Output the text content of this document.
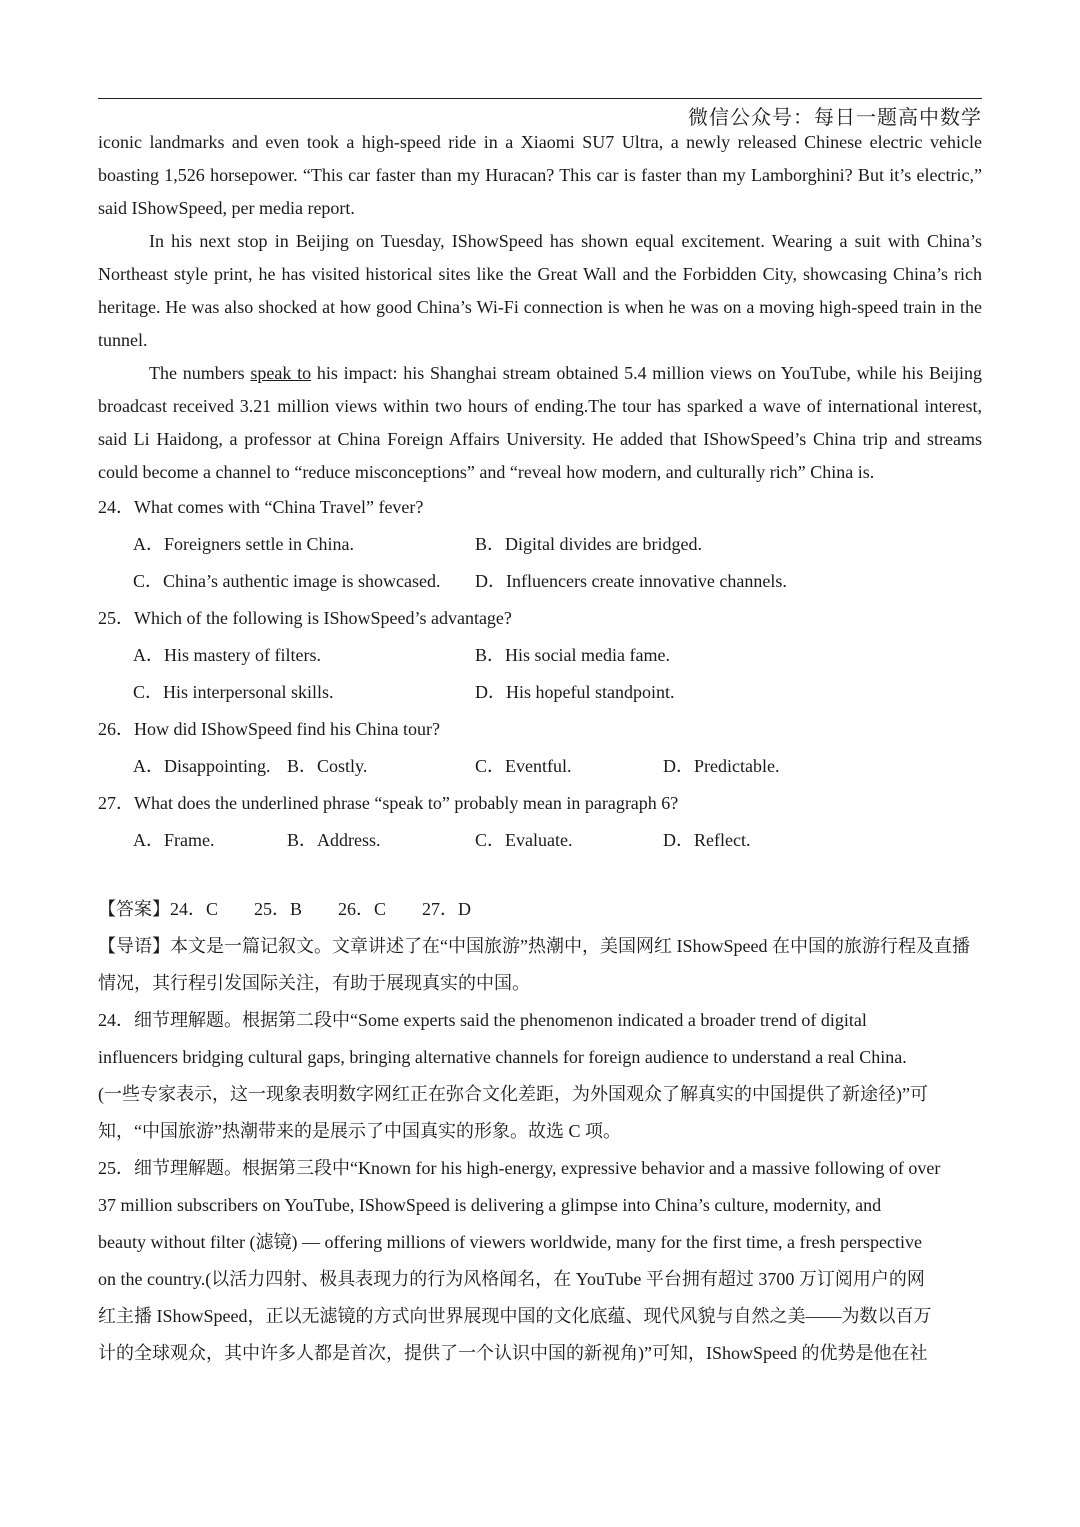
微信公众号：每日一题高中数学

iconic landmarks and even took a high-speed ride in a Xiaomi SU7 Ultra, a newly released Chinese electric vehicle boasting 1,526 horsepower. “This car faster than my Huracan? This car is faster than my Lamborghini? But it’s electric,” said IShowSpeed, per media report.

In his next stop in Beijing on Tuesday, IShowSpeed has shown equal excitement. Wearing a suit with China’s Northeast style print, he has visited historical sites like the Great Wall and the Forbidden City, showcasing China’s rich heritage. He was also shocked at how good China’s Wi-Fi connection is when he was on a moving high-speed train in the tunnel.

The numbers speak to his impact: his Shanghai stream obtained 5.4 million views on YouTube, while his Beijing broadcast received 3.21 million views within two hours of ending.The tour has sparked a wave of international interest, said Li Haidong, a professor at China Foreign Affairs University. He added that IShowSpeed’s China trip and streams could become a channel to “reduce misconceptions” and “reveal how modern, and culturally rich” China is.

24．What comes with “China Travel” fever?

A．Foreigners settle in China.	B．Digital divides are bridged.
C．China’s authentic image is showcased.	D．Influencers create innovative channels.

25．Which of the following is IShowSpeed’s advantage?

A．His mastery of filters.	B．His social media fame.
C．His interpersonal skills.	D．His hopeful standpoint.

26．How did IShowSpeed find his China tour?

A．Disappointing. B．Costly.	C．Eventful.	D．Predictable.

27．What does the underlined phrase “speak to” probably mean in paragraph 6?

A．Frame.	B．Address.	C．Evaluate.	D．Reflect.

【答案】24．C 25．B 26．C 27．D

【导语】本文是一篇记叙文。文章讲述了在“中国旅游”热潮中，美国网红 IShowSpeed 在中国的旅游行程及直播情况，其行程引发国际关注，有助于展现真实的中国。

24．细节理解题。根据第二段中“Some experts said the phenomenon indicated a broader trend of digital

influencers bridging cultural gaps, bringing alternative channels for foreign audience to understand a real China.

(一些专家表示，这一现象表明数字网红正在弥合文化差距，为外国观众了解真实的中国提供了新途径)”可

知，“中国旅游”热潮带来的是展示了中国真实的形象。故选 C 项。

25．细节理解题。根据第三段中“Known for his high-energy, expressive behavior and a massive following of over

37 million subscribers on YouTube, IShowSpeed is delivering a glimpse into China’s culture, modernity, and

beauty without filter (滤镜) — offering millions of viewers worldwide, many for the first time, a fresh perspective

on the country.(以活力四射、极具表现力的行为风格闻名，在 YouTube 平台拥有超过 3700 万订阅用户的网

红主播 IShowSpeed，正以无滤镜的方式向世界展现中国的文化底蕴、现代风貌与自然之美——为数以百万

计的全球观众，其中许多人都是首次，提供了一个认识中国的新视角)”可知，IShowSpeed 的优势是他在社
